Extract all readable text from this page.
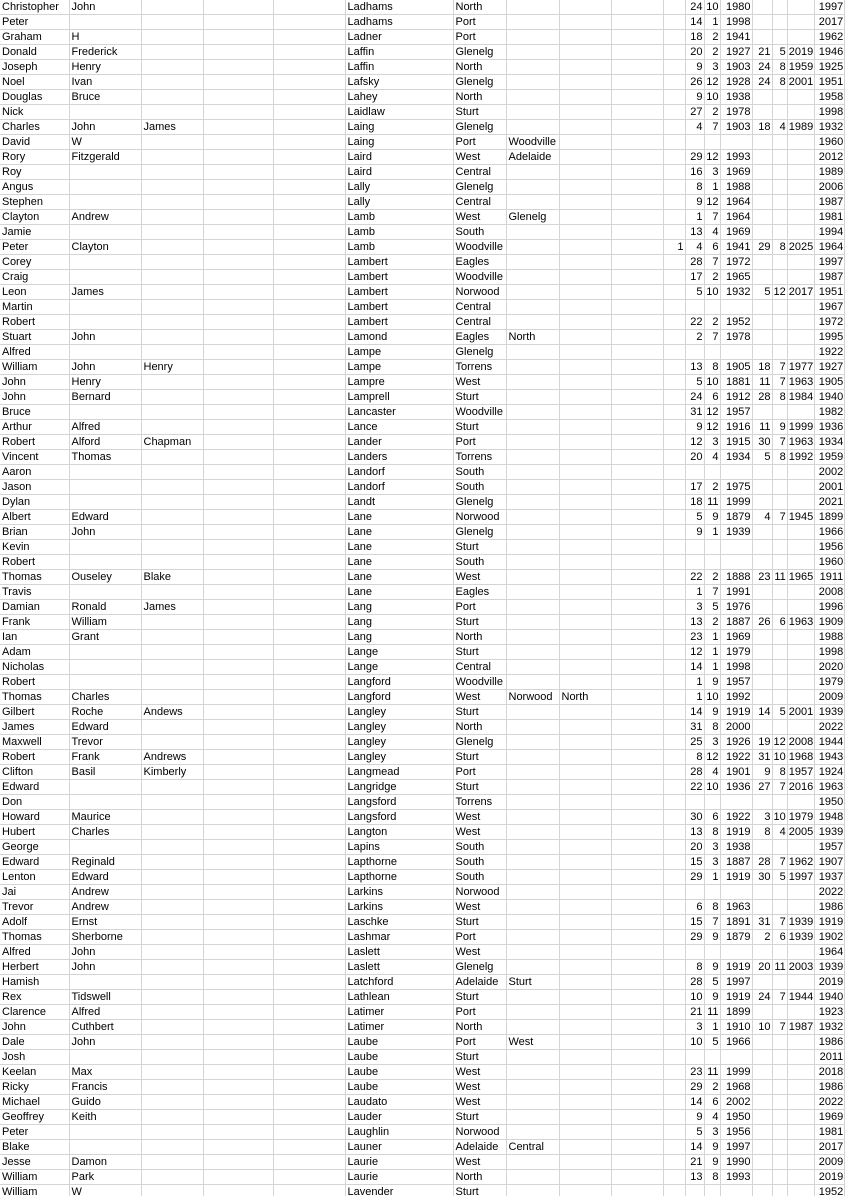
Christopher	John				Ladhams	North					24	10	1980				1997
Peter					Ladhams	Port					14	1	1998				2017
Graham	H				Ladner	Port					18	2	1941				1962
Donald	Frederick				Laffin	Glenelg					20	2	1927	21	5	2019	1946
Joseph	Henry				Laffin	North					9	3	1903	24	8	1959	1925
Noel	Ivan				Lafsky	Glenelg					26	12	1928	24	8	2001	1951
Douglas	Bruce				Lahey	North					9	10	1938				1958
Nick					Laidlaw	Sturt					27	2	1978				1998
Charles	John	James			Laing	Glenelg					4	7	1903	18	4	1989	1932
David	W				Laing	Port	Woodville										1960
Rory	Fitzgerald				Laird	West	Adelaide				29	12	1993				2012
Roy					Laird	Central					16	3	1969				1989
Angus					Lally	Glenelg					8	1	1988				2006
Stephen					Lally	Central					9	12	1964				1987
Clayton	Andrew				Lamb	West	Glenelg				1	7	1964				1981
Jamie					Lamb	South					13	4	1969				1994
Peter	Clayton				Lamb	Woodville				1	4	6	1941	29	8	2025	1964
Corey					Lambert	Eagles					28	7	1972				1997
Craig					Lambert	Woodville					17	2	1965				1987
Leon	James				Lambert	Norwood					5	10	1932	5	12	2017	1951
Martin					Lambert	Central											1967
Robert					Lambert	Central					22	2	1952				1972
Stuart	John				Lamond	Eagles	North				2	7	1978				1995
Alfred					Lampe	Glenelg											1922
William	John	Henry			Lampe	Torrens					13	8	1905	18	7	1977	1927
John	Henry				Lampre	West					5	10	1881	11	7	1963	1905
John	Bernard				Lamprell	Sturt					24	6	1912	28	8	1984	1940
Bruce					Lancaster	Woodville					31	12	1957				1982
Arthur	Alfred				Lance	Sturt					9	12	1916	11	9	1999	1936
Robert	Alford	Chapman			Lander	Port					12	3	1915	30	7	1963	1934
Vincent	Thomas				Landers	Torrens					20	4	1934	5	8	1992	1959
Aaron					Landorf	South											2002
Jason					Landorf	South					17	2	1975				2001
Dylan					Landt	Glenelg					18	11	1999				2021
Albert	Edward				Lane	Norwood					5	9	1879	4	7	1945	1899
Brian	John				Lane	Glenelg					9	1	1939				1966
Kevin					Lane	Sturt											1956
Robert					Lane	South											1960
Thomas	Ouseley	Blake			Lane	West					22	2	1888	23	11	1965	1911
Travis					Lane	Eagles					1	7	1991				2008
Damian	Ronald	James			Lang	Port					3	5	1976				1996
Frank	William				Lang	Sturt					13	2	1887	26	6	1963	1909
Ian	Grant				Lang	North					23	1	1969				1988
Adam					Lange	Sturt					12	1	1979				1998
Nicholas					Lange	Central					14	1	1998				2020
Robert					Langford	Woodville					1	9	1957				1979
Thomas	Charles				Langford	West	Norwood	North			1	10	1992				2009
Gilbert	Roche	Andews			Langley	Sturt					14	9	1919	14	5	2001	1939
James	Edward				Langley	North					31	8	2000				2022
Maxwell	Trevor				Langley	Glenelg					25	3	1926	19	12	2008	1944
Robert	Frank	Andrews			Langley	Sturt					8	12	1922	31	10	1968	1943
Clifton	Basil	Kimberly			Langmead	Port					28	4	1901	9	8	1957	1924
Edward					Langridge	Sturt					22	10	1936	27	7	2016	1963
Don					Langsford	Torrens											1950
Howard	Maurice				Langsford	West					30	6	1922	3	10	1979	1948
Hubert	Charles				Langton	West					13	8	1919	8	4	2005	1939
George					Lapins	South					20	3	1938				1957
Edward	Reginald				Lapthorne	South					15	3	1887	28	7	1962	1907
Lenton	Edward				Lapthorne	South					29	1	1919	30	5	1997	1937
Jai	Andrew				Larkins	Norwood											2022
Trevor	Andrew				Larkins	West					6	8	1963				1986
Adolf	Ernst				Laschke	Sturt					15	7	1891	31	7	1939	1919
Thomas	Sherborne				Lashmar	Port					29	9	1879	2	6	1939	1902
Alfred	John				Laslett	West											1964
Herbert	John				Laslett	Glenelg					8	9	1919	20	11	2003	1939
Hamish					Latchford	Adelaide	Sturt				28	5	1997				2019
Rex	Tidswell				Lathlean	Sturt					10	9	1919	24	7	1944	1940
Clarence	Alfred				Latimer	Port					21	11	1899				1923
John	Cuthbert				Latimer	North					3	1	1910	10	7	1987	1932
Dale	John				Laube	Port	West				10	5	1966				1986
Josh					Laube	Sturt											2011
Keelan	Max				Laube	West					23	11	1999				2018
Ricky	Francis				Laube	West					29	2	1968				1986
Michael	Guido				Laudato	West					14	6	2002				2022
Geoffrey	Keith				Lauder	Sturt					9	4	1950				1969
Peter					Laughlin	Norwood					5	3	1956				1981
Blake					Launer	Adelaide	Central				14	9	1997				2017
Jesse	Damon				Laurie	West					21	9	1990				2009
William	Park				Laurie	North					13	8	1993				2019
William	W				Lavender	Sturt											1952
